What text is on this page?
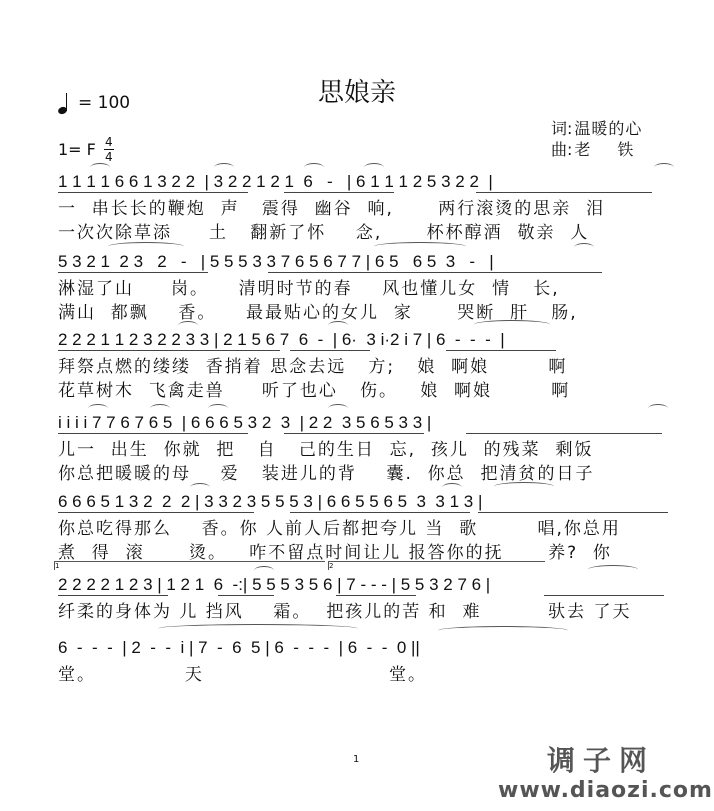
思娘亲
= 100
1= F $\frac{4}{4}$
词: 温暖的心
曲: 老铁
1 1 1 1 6 6 1 3 2 2  | 3 2 2 1 2 1  6   -   | 6 1 1 1 2 5 3 2 2  |
一  串长长的鞭炮  声   震得  幽谷  响,      两行滚烫的思亲  泪
一次次除草添     土   翻新了怀    念,      杯杯醇酒  敬亲  人
5 3 2 1  2 3   2   -   | 5 5 5 3 3 7 6 5 6 7 7 | 6 5   6 5  3   -   |
淋湿了山     岗。    清明时节的春    风也懂儿女  情   长,
满山  都飘    香。    最最贴心的女儿  家      哭断  肝   肠,
2 2 2 1 1 2 3 2 2 3 3 | 2 1 5 6 7  6  -  | 6·  3 i·2 i 7 | 6  -  -  -  |
拜祭点燃的缕缕  香捎着 思念去远   方;   娘  啊娘        啊
花草树木  飞禽走兽     听了也心   伤。   娘  啊娘        啊
i i i i 7 7 6 7 6 5  | 6 6 6 5 3 2  3  | 2 2  3 5 6 5 3 3 |
儿一  出生  你就  把   自   己的生日  忘,  孩儿  的残菜  剩饭
你总把暖暖的母    爱   装进儿的背    囊.  你总  把清贫的日子
6 6 6 5 1 3 2  2  2 | 3 3 2 3 5 5 5 3 | 6 6 5 5 6 5  3  3 1 3 |
你总吃得那么    香。你 人前人后都把夸儿 当  歌        唱,你总用
煮  得  滚      烫。   咋不留点时间让儿 报答你的抚      养?  你
1	2
2 2 2 2 1 2 3 | 1 2 1  6  -:| 5 5 5 3 5 6 | 7 - - - | 5 5 3 2 7 6 |
纤柔的身体为 儿 挡风    霜。  把孩儿的苦 和  难         驮去 了天
6  -  -  -  | 2  -  -  i | 7  -  6  5 | 6  -  -  -  | 6  -  -  0 ||
堂。            天                         堂。
1	调子网
www.diaozi.com
